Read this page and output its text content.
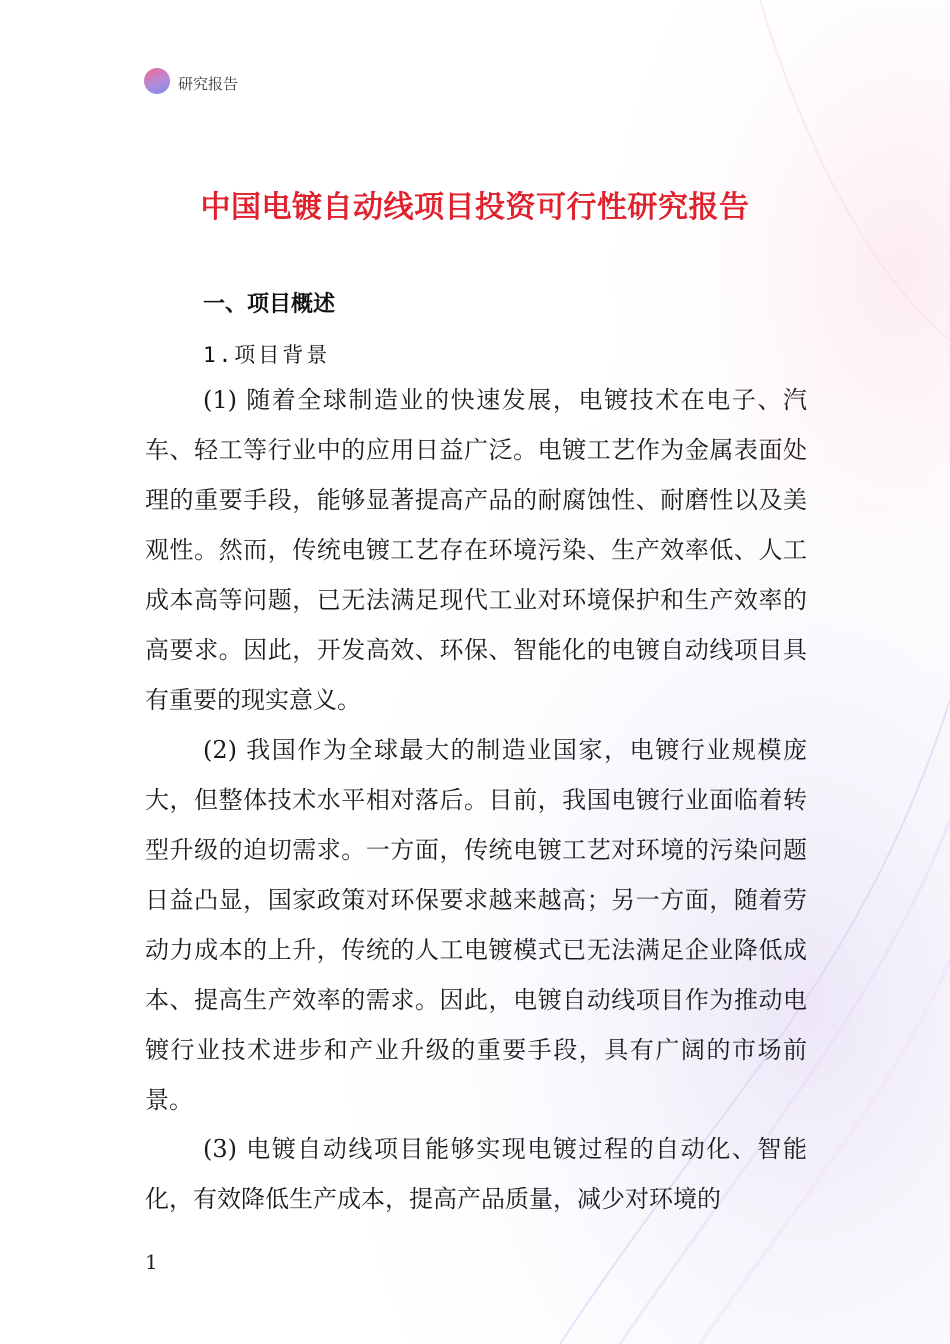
研究报告
中国电镀自动线项目投资可行性研究报告
一、项目概述
1.项目背景
(1) 随着全球制造业的快速发展，电镀技术在电子、汽车、轻工等行业中的应用日益广泛。电镀工艺作为金属表面处理的重要手段，能够显著提高产品的耐腐蚀性、耐磨性以及美观性。然而，传统电镀工艺存在环境污染、生产效率低、人工成本高等问题，已无法满足现代工业对环境保护和生产效率的高要求。因此，开发高效、环保、智能化的电镀自动线项目具有重要的现实意义。
(2) 我国作为全球最大的制造业国家，电镀行业规模庞大，但整体技术水平相对落后。目前，我国电镀行业面临着转型升级的迫切需求。一方面，传统电镀工艺对环境的污染问题日益凸显，国家政策对环保要求越来越高；另一方面，随着劳动力成本的上升，传统的人工电镀模式已无法满足企业降低成本、提高生产效率的需求。因此，电镀自动线项目作为推动电镀行业技术进步和产业升级的重要手段，具有广阔的市场前景。
(3) 电镀自动线项目能够实现电镀过程的自动化、智能化，有效降低生产成本，提高产品质量，减少对环境的
1
